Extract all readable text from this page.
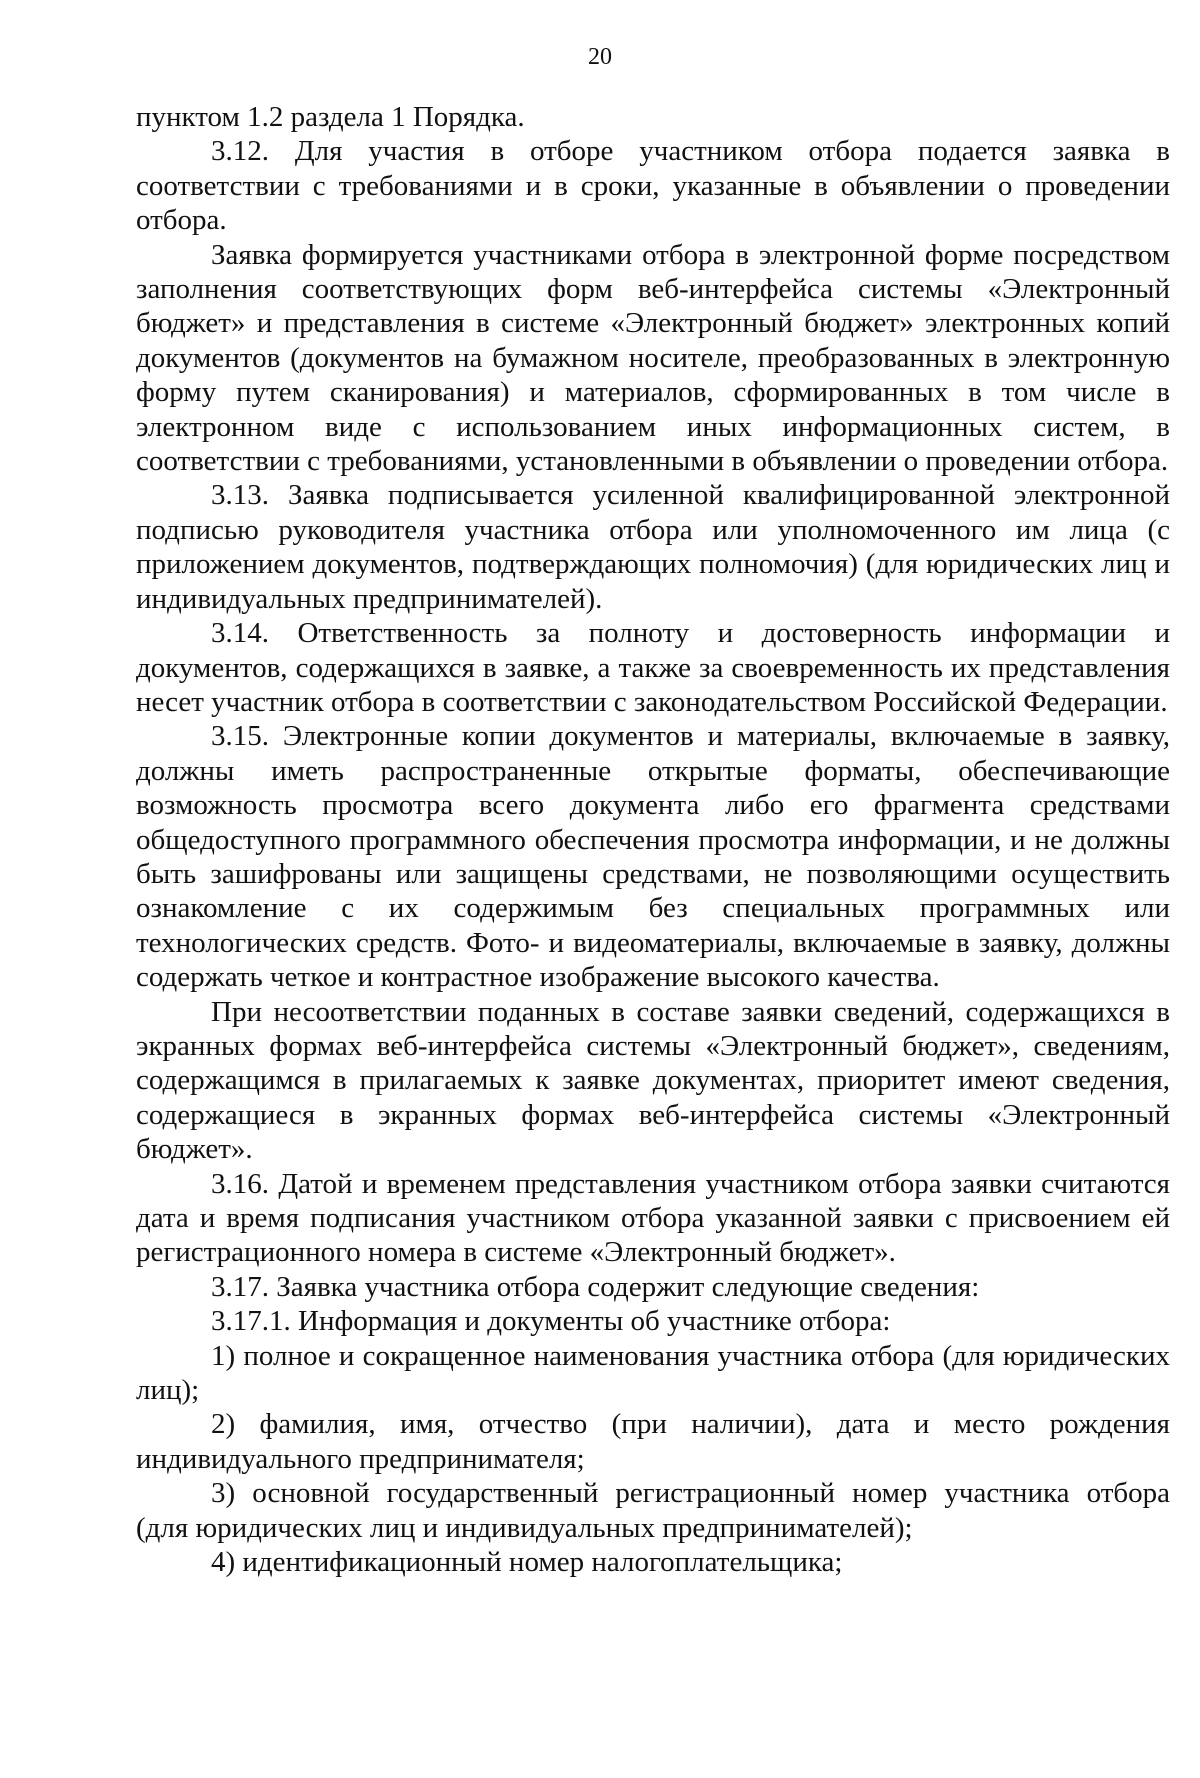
20

пунктом 1.2 раздела 1 Порядка.

3.12. Для участия в отборе участником отбора подается заявка в соответствии с требованиями и в сроки, указанные в объявлении о проведении отбора.

Заявка формируется участниками отбора в электронной форме посредством заполнения соответствующих форм веб-интерфейса системы «Электронный бюджет» и представления в системе «Электронный бюджет» электронных копий документов (документов на бумажном носителе, преобразованных в электронную форму путем сканирования) и материалов, сформированных в том числе в электронном виде с использованием иных информационных систем, в соответствии с требованиями, установленными в объявлении о проведении отбора.

3.13. Заявка подписывается усиленной квалифицированной электронной подписью руководителя участника отбора или уполномоченного им лица (с приложением документов, подтверждающих полномочия) (для юридических лиц и индивидуальных предпринимателей).

3.14. Ответственность за полноту и достоверность информации и документов, содержащихся в заявке, а также за своевременность их представления несет участник отбора в соответствии с законодательством Российской Федерации.

3.15. Электронные копии документов и материалы, включаемые в заявку, должны иметь распространенные открытые форматы, обеспечивающие возможность просмотра всего документа либо его фрагмента средствами общедоступного программного обеспечения просмотра информации, и не должны быть зашифрованы или защищены средствами, не позволяющими осуществить ознакомление с их содержимым без специальных программных или технологических средств. Фото- и видеоматериалы, включаемые в заявку, должны содержать четкое и контрастное изображение высокого качества.

При несоответствии поданных в составе заявки сведений, содержащихся в экранных формах веб-интерфейса системы «Электронный бюджет», сведениям, содержащимся в прилагаемых к заявке документах, приоритет имеют сведения, содержащиеся в экранных формах веб-интерфейса системы «Электронный бюджет».

3.16. Датой и временем представления участником отбора заявки считаются дата и время подписания участником отбора указанной заявки с присвоением ей регистрационного номера в системе «Электронный бюджет».

3.17. Заявка участника отбора содержит следующие сведения:

3.17.1. Информация и документы об участнике отбора:

1) полное и сокращенное наименования участника отбора (для юридических лиц);

2) фамилия, имя, отчество (при наличии), дата и место рождения индивидуального предпринимателя;

3) основной государственный регистрационный номер участника отбора (для юридических лиц и индивидуальных предпринимателей);

4) идентификационный номер налогоплательщика;
